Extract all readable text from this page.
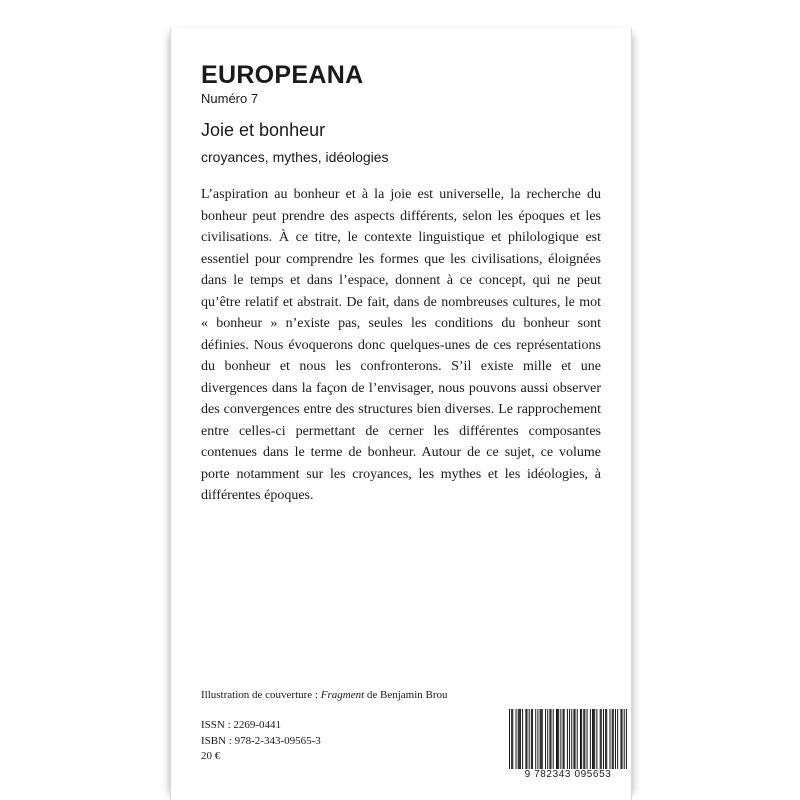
EUROPEANA
Numéro 7
Joie et bonheur
croyances, mythes, idéologies

L’aspiration au bonheur et à la joie est universelle, la recherche du bonheur peut prendre des aspects différents, selon les époques et les civilisations. À ce titre, le contexte linguistique et philologique est essentiel pour comprendre les formes que les civilisations, éloignées dans le temps et dans l’espace, donnent à ce concept, qui ne peut qu’être relatif et abstrait. De fait, dans de nombreuses cultures, le mot « bonheur » n’existe pas, seules les conditions du bonheur sont définies. Nous évoquerons donc quelques-unes de ces représentations du bonheur et nous les confronterons. S’il existe mille et une divergences dans la façon de l’envisager, nous pouvons aussi observer des convergences entre des structures bien diverses. Le rapprochement entre celles-ci permettant de cerner les différentes composantes contenues dans le terme de bonheur. Autour de ce sujet, ce volume porte notamment sur les croyances, les mythes et les idéologies, à différentes époques.

Illustration de couverture : Fragment de Benjamin Brou
ISSN : 2269-0441
ISBN : 978-2-343-09565-3
20 €
9 782343 095653
